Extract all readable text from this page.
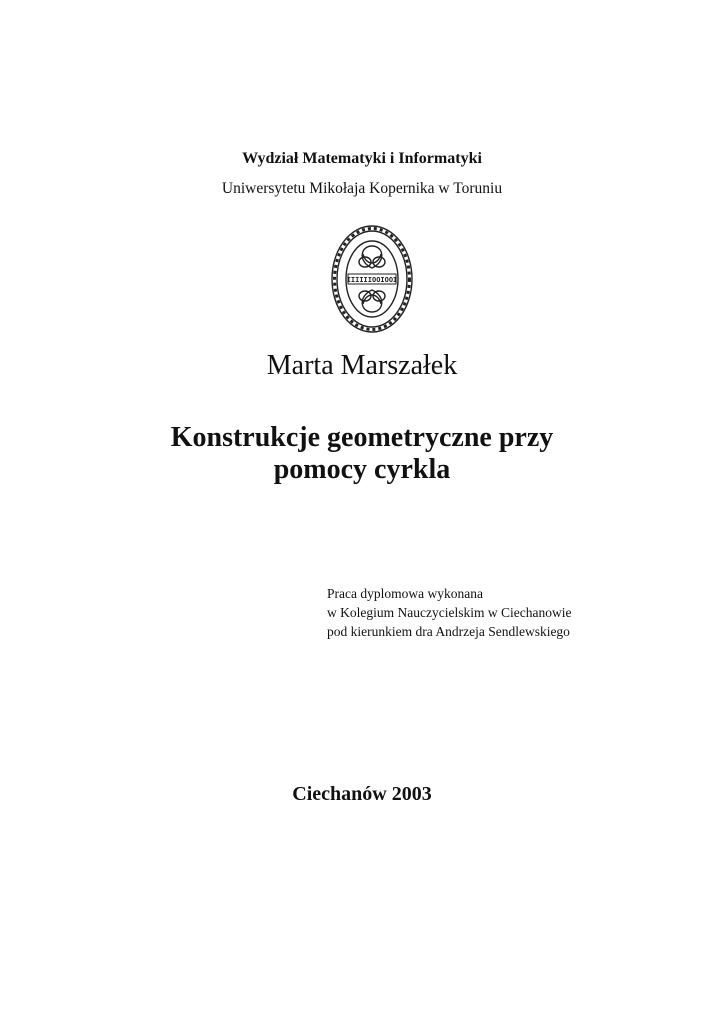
Wydział Matematyki i Informatyki
Uniwersytetu Mikołaja Kopernika w Toruniu
IIIIIIOOIOOI
Marta Marszałek
Konstrukcje geometryczne przy
pomocy cyrkla
Praca dyplomowa wykonana
w Kolegium Nauczycielskim w Ciechanowie
pod kierunkiem dra Andrzeja Sendlewskiego
Ciechanów 2003
